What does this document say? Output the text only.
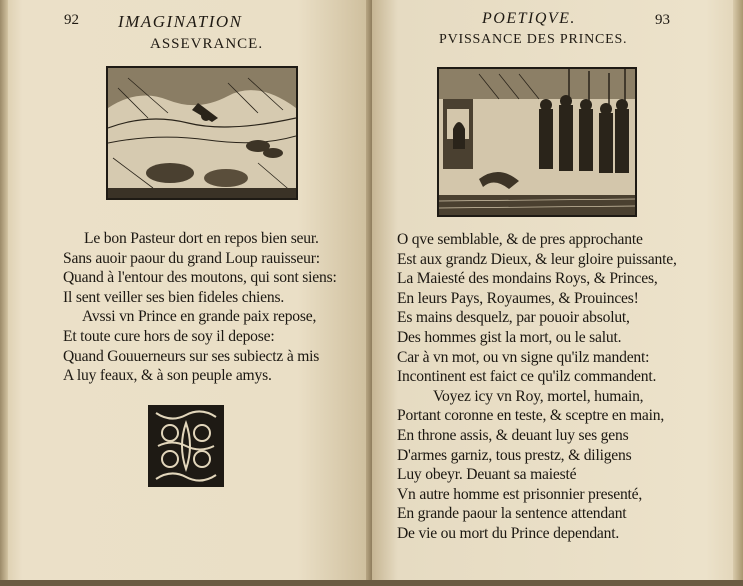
92 IMAGINATION
ASSEVRANCE.
Le bon Pasteur dort en repos bien seur.
Sans auoir paour du grand Loup rauisseur:
Quand à l'entour des moutons, qui sont siens:
Il sent veiller ses bien fideles chiens.
Avssi vn Prince en grande paix repose,
Et toute cure hors de soy il depose:
Quand Gouuerneurs sur ses subiectz à mis
A luy feaux, & à son peuple amys.
POETIQVE.	93
PVISSANCE DES PRINCES.
O qve semblable, & de pres approchante
Est aux grandz Dieux, & leur gloire puissante,
La Maiesté des mondains Roys, & Princes,
En leurs Pays, Royaumes, & Prouinces!
Es mains desquelz, par pouoir absolut,
Des hommes gist la mort, ou le salut.
Car à vn mot, ou vn signe qu'ilz mandent:
Incontinent est faict ce qu'ilz commandent.
Voyez icy vn Roy, mortel, humain,
Portant coronne en teste, & sceptre en main,
En throne assis, & deuant luy ses gens
D'armes garniz, tous prestz, & diligens
Luy obeyr. Deuant sa maiesté
Vn autre homme est prisonnier presenté,
En grande paour la sentence attendant
De vie ou mort du Prince dependant.
